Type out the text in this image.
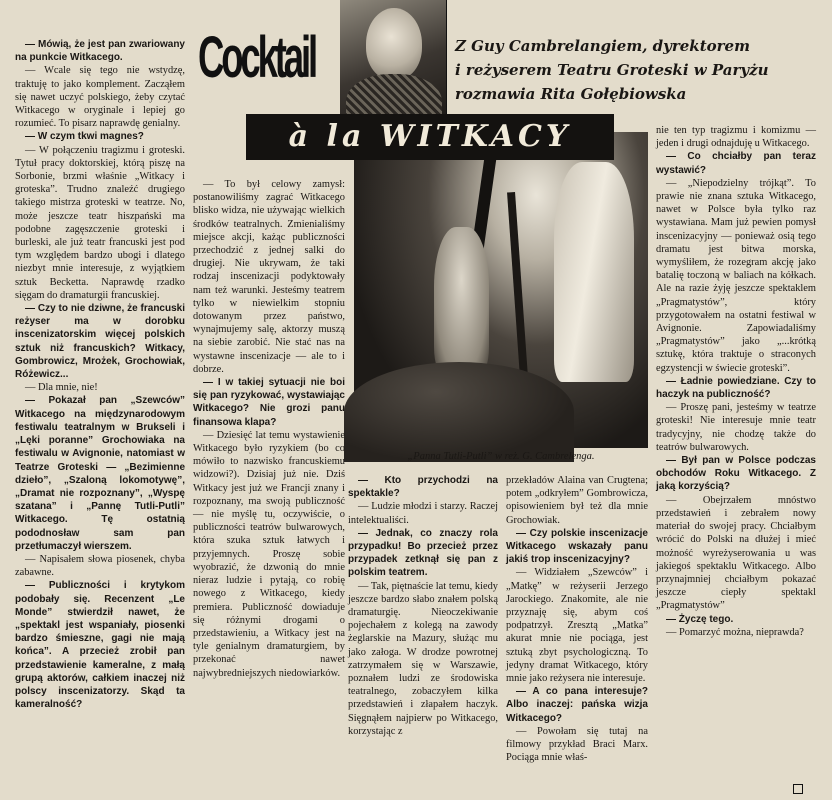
Cocktail	Z Guy Cambrelangiem, dyrektorem
i reżyserem Teatru Groteski w Paryżu
rozmawia Rita Gołębiowska
à la WITKACY
„Panna Tutli-Putli” w reż. G. Cambrelenga.

— Mówią, że jest pan zwariowany na punkcie Witkacego.

— Wcale się tego nie wstydzę, traktuję to jako komplement. Zacząłem się nawet uczyć polskiego, żeby czytać Witkacego w oryginale i lepiej go rozumieć. To pisarz naprawdę genialny.

— W czym tkwi magnes?

— W połączeniu tragizmu i groteski. Tytuł pracy doktorskiej, którą piszę na Sorbonie, brzmi właśnie „Witkacy i groteska”. Trudno znaleźć drugiego takiego mistrza groteski w teatrze. No, może jeszcze teatr hiszpański ma podobne zagęszczenie groteski i burleski, ale już teatr francuski jest pod tym względem bardzo ubogi i dlatego niezbyt mnie interesuje, z wyjątkiem sztuk Becketta. Naprawdę rzadko sięgam do dramaturgii francuskiej.

— Czy to nie dziwne, że francuski reżyser ma w dorobku inscenizatorskim więcej polskich sztuk niż francuskich? Witkacy, Gombrowicz, Mrożek, Grochowiak, Różewicz...

— Dla mnie, nie!

— Pokazał pan „Szewców” Witkacego na międzynarodowym festiwalu teatralnym w Brukseli i „Lęki poranne” Grochowiaka na festiwalu w Avignonie, natomiast w Teatrze Groteski — „Bezimienne dzieło”, „Szaloną lokomotywę”, „Dramat nie rozpoznany”, „Wyspę szatana” i „Pannę Tutli-Putli” Witkacego. Tę ostatnią pododnosław sam pan przetłumaczył wierszem.

— Napisałem słowa piosenek, chyba zabawne.

— Publiczności i krytykom podobały się. Recenzent „Le Monde” stwierdził nawet, że „spektakl jest wspaniały, piosenki bardzo śmieszne, gagi nie mają końca”. A przecież zrobił pan przedstawienie kameralne, z małą grupą aktorów, całkiem inaczej niż polscy inscenizatorzy. Skąd ta kameralność?

— To był celowy zamysł: postanowiliśmy zagrać Witkacego blisko widza, nie używając wielkich środków teatralnych. Zmienialiśmy miejsce akcji, każąc publiczności przechodzić z jednej salki do drugiej. Nie ukrywam, że taki rodzaj inscenizacji podyktowały nam też warunki. Jesteśmy teatrem tylko w niewielkim stopniu dotowanym przez państwo, wynajmujemy salę, aktorzy muszą na siebie zarobić. Nie stać nas na wystawne inscenizacje — ale to i dobrze.

— I w takiej sytuacji nie boi się pan ryzykować, wystawiając Witkacego? Nie grozi panu finansowa klapa?

— Dziesięć lat temu wystawienie Witkacego było ryzykiem (bo co mówiło to nazwisko francuskiemu widzowi?). Dzisiaj już nie. Dziś Witkacy jest już we Francji znany i rozpoznany, ma swoją publiczność — nie myślę tu, oczywiście, o publiczności teatrów bulwarowych, która szuka sztuk łatwych i przyjemnych. Proszę sobie wyobrazić, że dzwonią do mnie nieraz ludzie i pytają, co robię nowego z Witkacego, kiedy premiera. Publiczność dowiaduje się różnymi drogami o przedstawieniu, a Witkacy jest na tyle genialnym dramaturgiem, by przekonać nawet najwybredniejszych niedowiarków.

— Kto przychodzi na spektakle?

— Ludzie młodzi i starzy. Raczej intelektualiści.

— Jednak, co znaczy rola przypadku! Bo przecież przez przypadek zetknął się pan z polskim teatrem.

— Tak, piętnaście lat temu, kiedy jeszcze bardzo słabo znałem polską dramaturgię. Nieoczekiwanie pojechałem z kolegą na zawody żeglarskie na Mazury, służąc mu jako załoga. W drodze powrotnej zatrzymałem się w Warszawie, poznałem ludzi ze środowiska teatralnego, zobaczyłem kilka przedstawień i złapałem haczyk. Sięgnąłem najpierw po Witkacego, korzystając z

przekładów Alaina van Crugtena; potem „odkryłem” Gombrowicza, opisowieniem był też dla mnie Grochowiak.

— Czy polskie inscenizacje Witkacego wskazały panu jakiś trop inscenizacyjny?

— Widziałem „Szewców” i „Matkę” w reżyserii Jerzego Jarockiego. Znakomite, ale nie przyznaję się, abym coś podpatrzył. Zresztą „Matka” akurat mnie nie pociąga, jest sztuką zbyt psychologiczną. To jedyny dramat Witkacego, który mnie jako reżysera nie interesuje.

— A co pana interesuje? Albo inaczej: pańska wizja Witkacego?

— Powołam się tutaj na filmowy przykład Braci Marx. Pociąga mnie właś-

nie ten typ tragizmu i komizmu — jeden i drugi odnajduję u Witkacego.

— Co chciałby pan teraz wystawić?

— „Niepodzielny trójkąt”. To prawie nie znana sztuka Witkacego, nawet w Polsce była tylko raz wystawiana. Mam już pewien pomysł inscenizacyjny — ponieważ osią tego dramatu jest bitwa morska, wymyśliłem, że rozegram akcję jako batalię toczoną w baliach na kółkach. Ale na razie żyję jeszcze spektaklem „Pragmatystów”, który przygotowałem na ostatni festiwal w Avignonie. Zapowiadaliśmy „Pragmatystów” jako „...krótką sztukę, która traktuje o straconych egzystencji w świecie groteski”.

— Ładnie powiedziane. Czy to haczyk na publiczność?

— Proszę pani, jesteśmy w teatrze groteski! Nie interesuje mnie teatr tradycyjny, nie chodzę także do teatrów bulwarowych.

— Był pan w Polsce podczas obchodów Roku Witkacego. Z jaką korzyścią?

— Obejrzałem mnóstwo przedstawień i zebrałem nowy materiał do swojej pracy. Chciałbym wrócić do Polski na dłużej i mieć możność wyreżyserowania u was jakiegoś spektaklu Witkacego. Albo przynajmniej chciałbym pokazać jeszcze ciepły spektakl „Pragmatystów”

— Życzę tego.

— Pomarzyć można, nieprawda?
